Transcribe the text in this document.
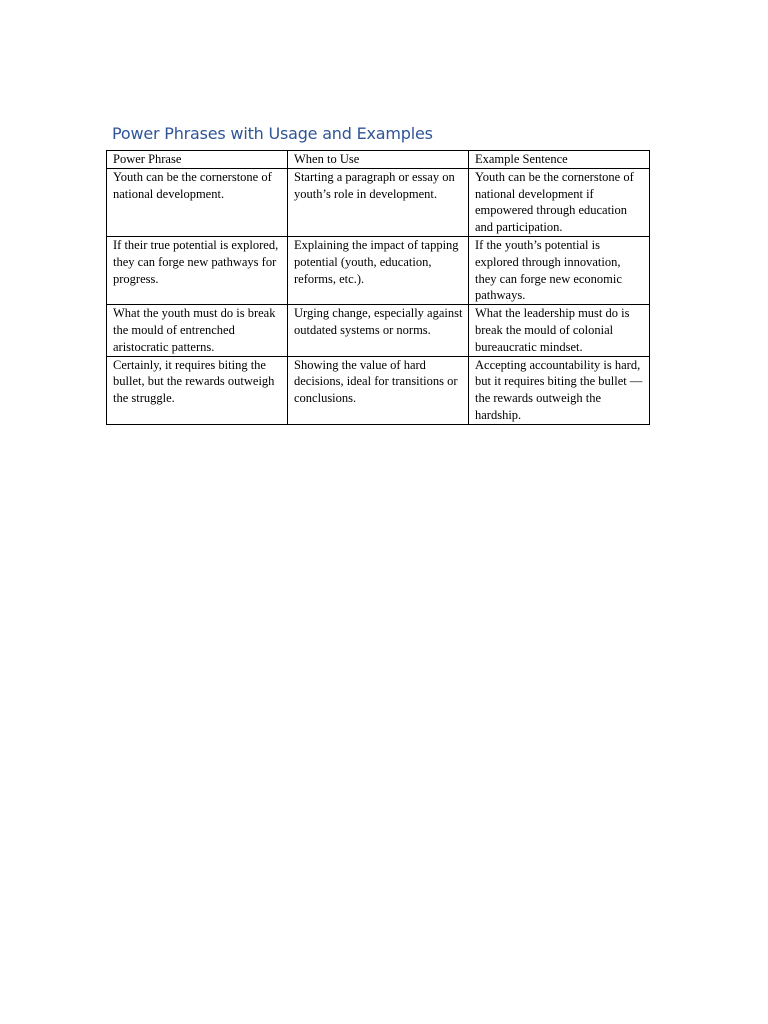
Power Phrases with Usage and Examples
Power Phrase	When to Use	Example Sentence
Youth can be the cornerstone of national development.	Starting a paragraph or essay on youth’s role in development.	Youth can be the cornerstone of national development if empowered through education and participation.
If their true potential is explored, they can forge new pathways for progress.	Explaining the impact of tapping potential (youth, education, reforms, etc.).	If the youth’s potential is explored through innovation, they can forge new economic pathways.
What the youth must do is break the mould of entrenched aristocratic patterns.	Urging change, especially against outdated systems or norms.	What the leadership must do is break the mould of colonial bureaucratic mindset.
Certainly, it requires biting the bullet, but the rewards outweigh the struggle.	Showing the value of hard decisions, ideal for transitions or conclusions.	Accepting accountability is hard, but it requires biting the bullet — the rewards outweigh the hardship.
